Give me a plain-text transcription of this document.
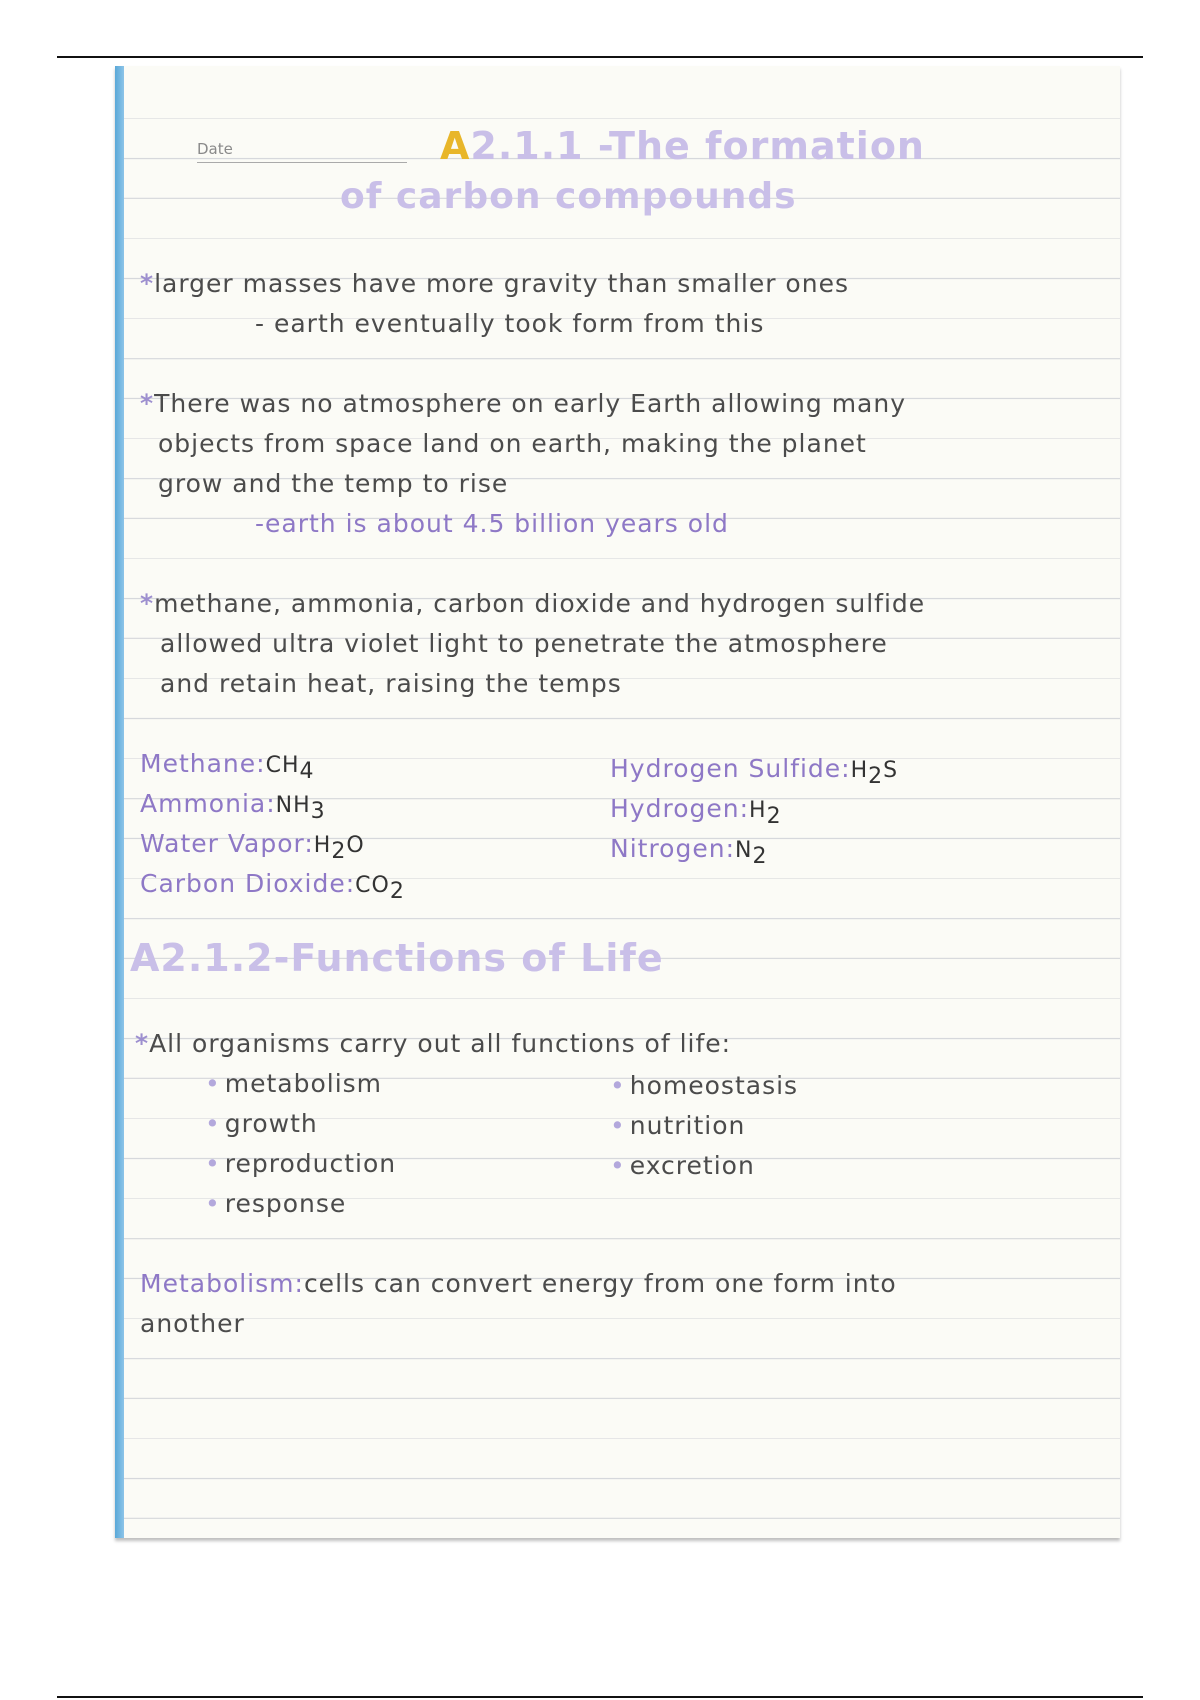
Date	A2.1.1 -The formation
of carbon compounds
*larger masses have more gravity than smaller ones
- earth eventually took form from this
*There was no atmosphere on early Earth allowing many
objects from space land on earth, making the planet
grow and the temp to rise
-earth is about 4.5 billion years old
*methane, ammonia, carbon dioxide and hydrogen sulfide
allowed ultra violet light to penetrate the atmosphere
and retain heat, raising the temps
$Methane:CH_4$
$Ammonia:NH_3$
Water $Vapor:H_2O$
Carbon $Dioxide:CO_2$
Hydrogen $Sulfide:H_2S$
$Hydrogen:H_2$
$Nitrogen:N_2$
A2.1.2-Functions of Life
*All organisms carry out all functions of life:
• metabolism
• growth
• reproduction
• response
• homeostasis
• nutrition
• excretion
Metabolism:cells can convert energy from one form into
another
